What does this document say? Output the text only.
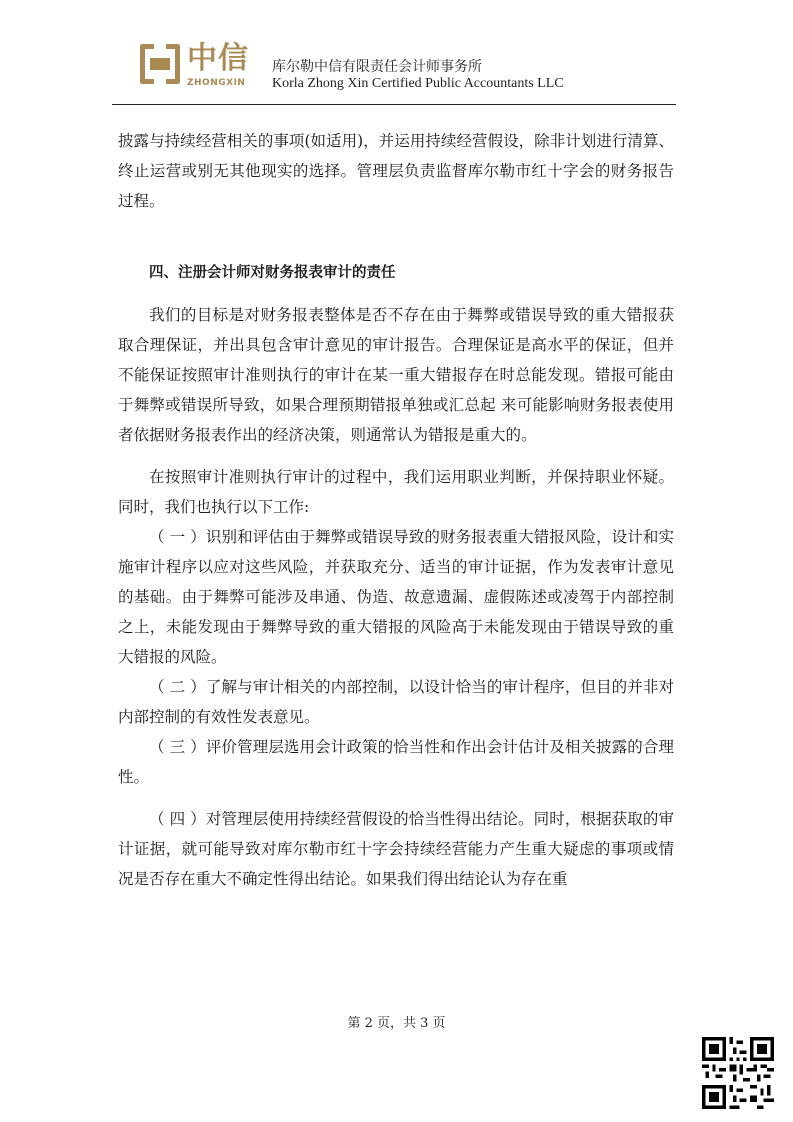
中信
ZHONGXIN
库尔勒中信有限责任会计师事务所
Korla Zhong Xin Certified Public Accountants LLC

披露与持续经营相关的事项(如适用)，并运用持续经营假设，除非计划进行清算、终止运营或别无其他现实的选择。管理层负责监督库尔勒市红十字会的财务报告过程。

四、注册会计师对财务报表审计的责任

我们的目标是对财务报表整体是否不存在由于舞弊或错误导致的重大错报获取合理保证，并出具包含审计意见的审计报告。合理保证是高水平的保证，但并不能保证按照审计准则执行的审计在某一重大错报存在时总能发现。错报可能由于舞弊或错误所导致，如果合理预期错报单独或汇总起 来可能影响财务报表使用者依据财务报表作出的经济决策，则通常认为错报是重大的。

在按照审计准则执行审计的过程中，我们运用职业判断，并保持职业怀疑。同时，我们也执行以下工作:

（ 一 ）识别和评估由于舞弊或错误导致的财务报表重大错报风险，设计和实施审计程序以应对这些风险，并获取充分、适当的审计证据，作为发表审计意见的基础。由于舞弊可能涉及串通、伪造、故意遗漏、虚假陈述或凌驾于内部控制之上，未能发现由于舞弊导致的重大错报的风险高于未能发现由于错误导致的重大错报的风险。

（ 二 ）了解与审计相关的内部控制，以设计恰当的审计程序，但目的并非对内部控制的有效性发表意见。

（ 三 ）评价管理层选用会计政策的恰当性和作出会计估计及相关披露的合理性。

（ 四 ）对管理层使用持续经营假设的恰当性得出结论。同时，根据获取的审计证据，就可能导致对库尔勒市红十字会持续经营能力产生重大疑虑的事项或情况是否存在重大不确定性得出结论。如果我们得出结论认为存在重

第 2 页，共 3 页
